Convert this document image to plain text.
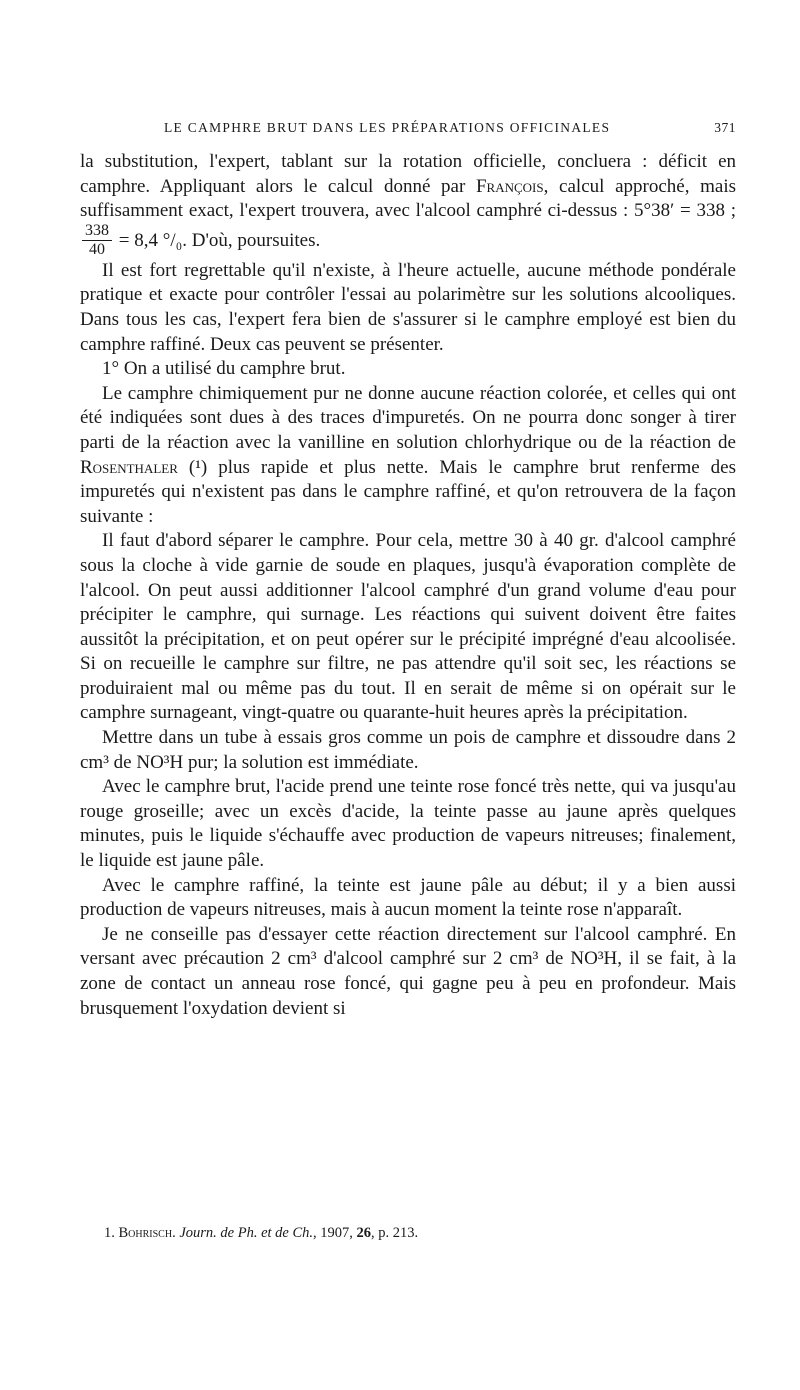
LE CAMPHRE BRUT DANS LES PRÉPARATIONS OFFICINALES	371

la substitution, l'expert, tablant sur la rotation officielle, concluera : déficit en camphre. Appliquant alors le calcul donné par François, calcul approché, mais suffisamment exact, l'expert trouvera, avec l'alcool camphré ci-dessus : 5°38′ = 338 ;
$\frac{338}{40} = 8,4$ °/₀. D'où, poursuites.

Il est fort regrettable qu'il n'existe, à l'heure actuelle, aucune méthode pondérale pratique et exacte pour contrôler l'essai au polarimètre sur les solutions alcooliques. Dans tous les cas, l'expert fera bien de s'assurer si le camphre employé est bien du camphre raffiné. Deux cas peuvent se présenter.

1° On a utilisé du camphre brut.

Le camphre chimiquement pur ne donne aucune réaction colorée, et celles qui ont été indiquées sont dues à des traces d'impuretés. On ne pourra donc songer à tirer parti de la réaction avec la vanilline en solution chlorhydrique ou de la réaction de Rosenthaler (¹) plus rapide et plus nette. Mais le camphre brut renferme des impuretés qui n'existent pas dans le camphre raffiné, et qu'on retrouvera de la façon suivante :

Il faut d'abord séparer le camphre. Pour cela, mettre 30 à 40 gr. d'alcool camphré sous la cloche à vide garnie de soude en plaques, jusqu'à évaporation complète de l'alcool. On peut aussi additionner l'alcool camphré d'un grand volume d'eau pour précipiter le camphre, qui surnage. Les réactions qui suivent doivent être faites aussitôt la précipitation, et on peut opérer sur le précipité imprégné d'eau alcoolisée. Si on recueille le camphre sur filtre, ne pas attendre qu'il soit sec, les réactions se produiraient mal ou même pas du tout. Il en serait de même si on opérait sur le camphre surnageant, vingt-quatre ou quarante-huit heures après la précipitation.

Mettre dans un tube à essais gros comme un pois de camphre et dissoudre dans 2 cm³ de NO³H pur; la solution est immédiate.

Avec le camphre brut, l'acide prend une teinte rose foncé très nette, qui va jusqu'au rouge groseille; avec un excès d'acide, la teinte passe au jaune après quelques minutes, puis le liquide s'échauffe avec production de vapeurs nitreuses; finalement, le liquide est jaune pâle.

Avec le camphre raffiné, la teinte est jaune pâle au début; il y a bien aussi production de vapeurs nitreuses, mais à aucun moment la teinte rose n'apparaît.

Je ne conseille pas d'essayer cette réaction directement sur l'alcool camphré. En versant avec précaution 2 cm³ d'alcool camphré sur 2 cm³ de NO³H, il se fait, à la zone de contact un anneau rose foncé, qui gagne peu à peu en profondeur. Mais brusquement l'oxydation devient si

1. Bohrisch. Journ. de Ph. et de Ch., 1907, 26, p. 213.
